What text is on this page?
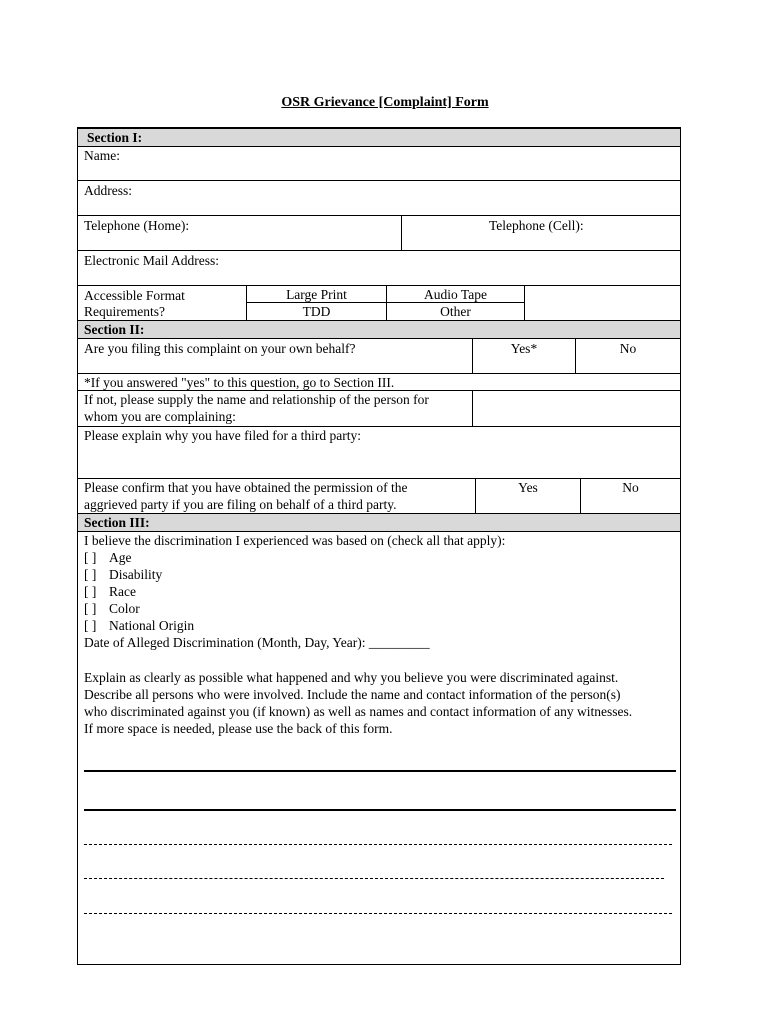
OSR Grievance [Complaint] Form
Section I:
Name:
Address:
Telephone (Home):	Telephone (Cell):
Electronic Mail Address:
Accessible Format
Requirements?
Large Print	Audio Tape
TDD	Other
Section II:
Are you filing this complaint on your own behalf?	Yes*	No
*If you answered "yes" to this question, go to Section III.
If not, please supply the name and relationship of the person for
whom you are complaining:
Please explain why you have filed for a third party:
Please confirm that you have obtained the permission of the
aggrieved party if you are filing on behalf of a third party.
Yes	No
Section III:
I believe the discrimination I experienced was based on (check all that apply):
[ ] Age
[ ] Disability
[ ] Race
[ ] Color
[ ] National Origin
Date of Alleged Discrimination (Month, Day, Year): _________
Explain as clearly as possible what happened and why you believe you were discriminated against.
Describe all persons who were involved. Include the name and contact information of the person(s)
who discriminated against you (if known) as well as names and contact information of any witnesses.
If more space is needed, please use the back of this form.
